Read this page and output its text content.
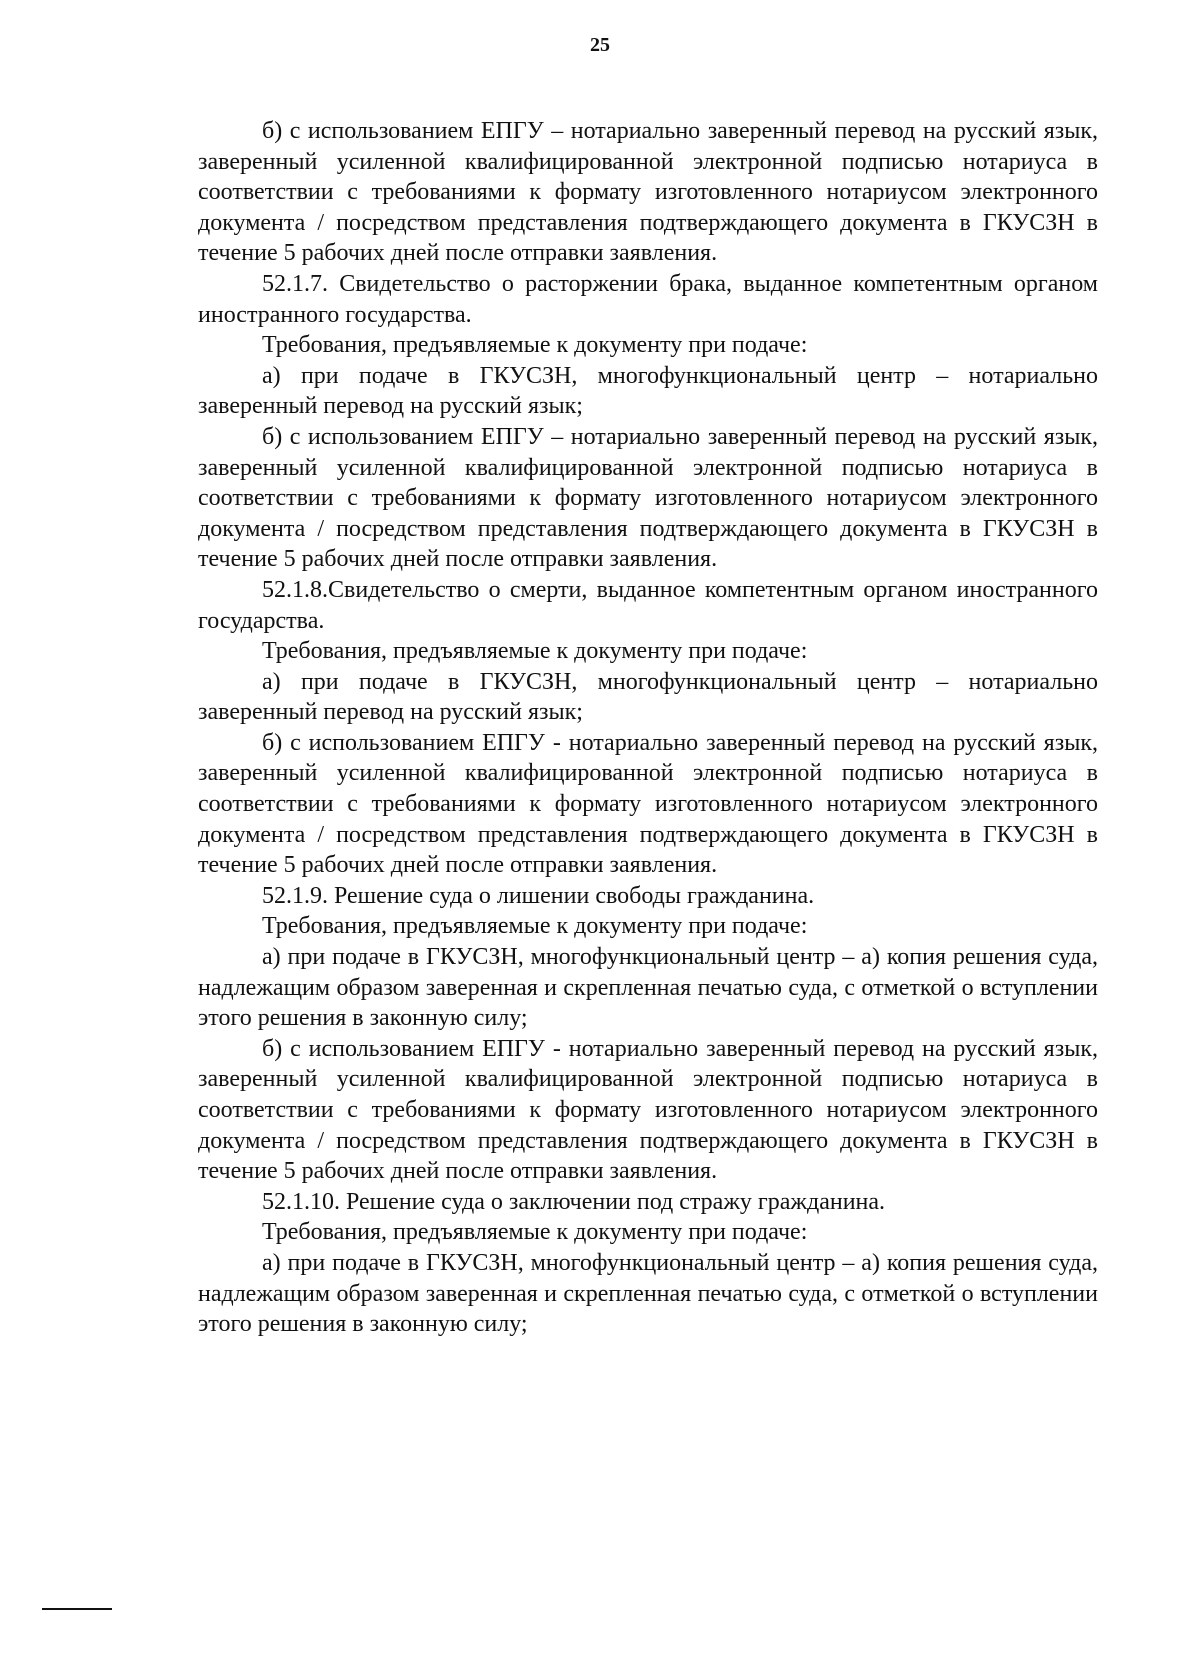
25

б) с использованием ЕПГУ – нотариально заверенный перевод на русский язык, заверенный усиленной квалифицированной электронной подписью нотариуса в соответствии с требованиями к формату изготовленного нотариусом электронного документа / посредством представления подтверждающего документа в ГКУСЗН в течение 5 рабочих дней после отправки заявления.

52.1.7. Свидетельство о расторжении брака, выданное компетентным органом иностранного государства.

Требования, предъявляемые к документу при подаче:

а) при подаче в ГКУСЗН, многофункциональный центр – нотариально заверенный перевод на русский язык;

б) с использованием ЕПГУ – нотариально заверенный перевод на русский язык, заверенный усиленной квалифицированной электронной подписью нотариуса в соответствии с требованиями к формату изготовленного нотариусом электронного документа / посредством представления подтверждающего документа в ГКУСЗН в течение 5 рабочих дней после отправки заявления.

52.1.8.Свидетельство о смерти, выданное компетентным органом иностранного государства.

Требования, предъявляемые к документу при подаче:

а) при подаче в ГКУСЗН, многофункциональный центр – нотариально заверенный перевод на русский язык;

б) с использованием ЕПГУ - нотариально заверенный перевод на русский язык, заверенный усиленной квалифицированной электронной подписью нотариуса в соответствии с требованиями к формату изготовленного нотариусом электронного документа / посредством представления подтверждающего документа в ГКУСЗН в течение 5 рабочих дней после отправки заявления.

52.1.9. Решение суда о лишении свободы гражданина.

Требования, предъявляемые к документу при подаче:

а) при подаче в ГКУСЗН, многофункциональный центр – а) копия решения суда, надлежащим образом заверенная и скрепленная печатью суда, с отметкой о вступлении этого решения в законную силу;

б) с использованием ЕПГУ - нотариально заверенный перевод на русский язык, заверенный усиленной квалифицированной электронной подписью нотариуса в соответствии с требованиями к формату изготовленного нотариусом электронного документа / посредством представления подтверждающего документа в ГКУСЗН в течение 5 рабочих дней после отправки заявления.

52.1.10. Решение суда о заключении под стражу гражданина.

Требования, предъявляемые к документу при подаче:

а) при подаче в ГКУСЗН, многофункциональный центр – а) копия решения суда, надлежащим образом заверенная и скрепленная печатью суда, с отметкой о вступлении этого решения в законную силу;
